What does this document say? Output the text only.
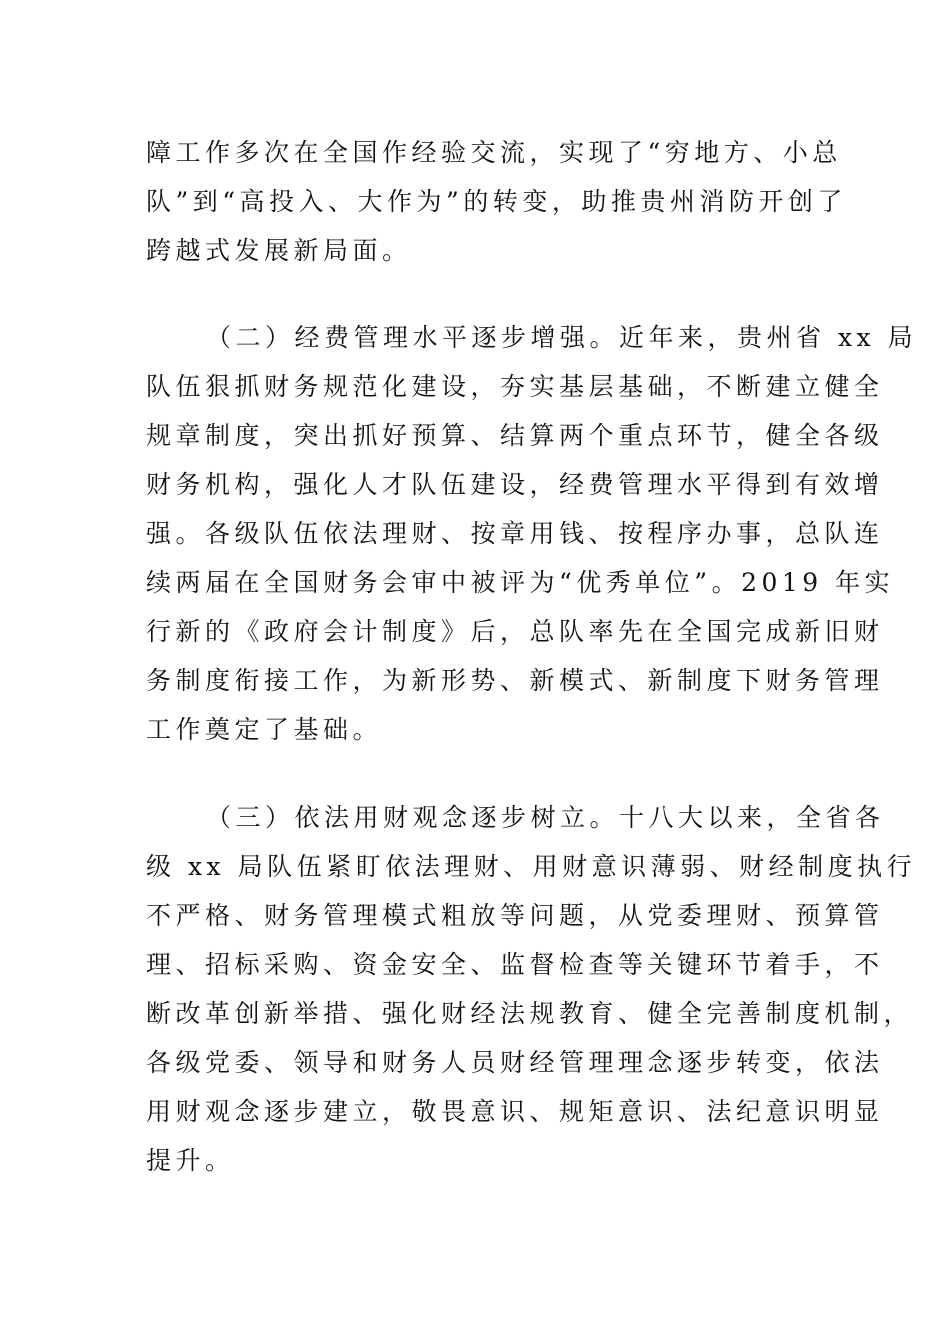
障工作多次在全国作经验交流，实现了“穷地方、小总
队”到“高投入、大作为”的转变，助推贵州消防开创了
跨越式发展新局面。
（二）经费管理水平逐步增强。近年来，贵州省 xx 局
队伍狠抓财务规范化建设，夯实基层基础，不断建立健全
规章制度，突出抓好预算、结算两个重点环节，健全各级
财务机构，强化人才队伍建设，经费管理水平得到有效增
强。各级队伍依法理财、按章用钱、按程序办事，总队连
续两届在全国财务会审中被评为“优秀单位”。2019 年实
行新的《政府会计制度》后，总队率先在全国完成新旧财
务制度衔接工作，为新形势、新模式、新制度下财务管理
工作奠定了基础。
（三）依法用财观念逐步树立。十八大以来，全省各
级 xx 局队伍紧盯依法理财、用财意识薄弱、财经制度执行
不严格、财务管理模式粗放等问题，从党委理财、预算管
理、招标采购、资金安全、监督检查等关键环节着手，不
断改革创新举措、强化财经法规教育、健全完善制度机制，
各级党委、领导和财务人员财经管理理念逐步转变，依法
用财观念逐步建立，敬畏意识、规矩意识、法纪意识明显
提升。
